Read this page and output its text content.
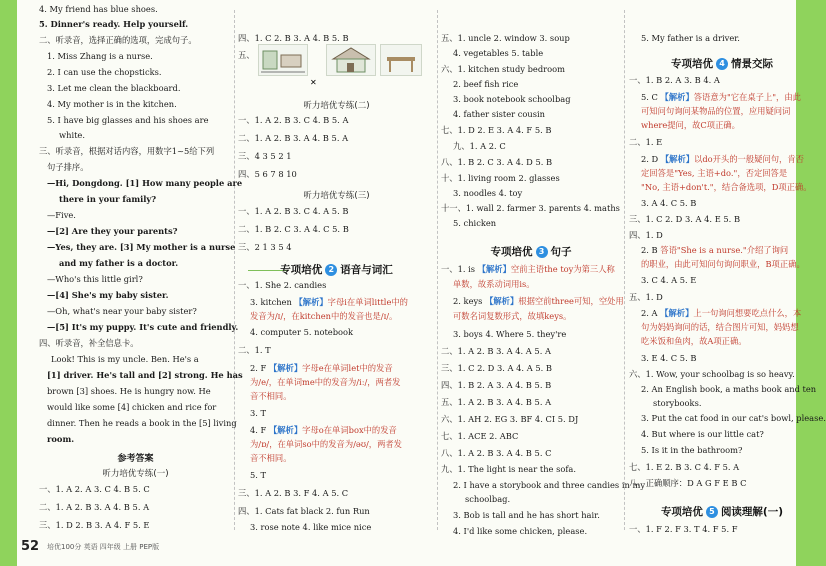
4. My friend has blue shoes.
5. Dinner's ready. Help yourself.
二、听录音，选择正确的选项，完成句子。
1. Miss Zhang is a nurse.
2. I can use the chopsticks.
3. Let me clean the blackboard.
4. My mother is in the kitchen.
5. I have big glasses and his shoes are
white.
三、听录音，根据对话内容，用数字1~5给下列
句子排序。
—Hi, Dongdong. [1] How many people are
there in your family?
—Five.
—[2] Are they your parents?
—Yes, they are. [3] My mother is a nurse
and my father is a doctor.
—Who's this little girl?
—[4] She's my baby sister.
—Oh, what's near your baby sister?
—[5] It's my puppy. It's cute and friendly.
四、听录音，补全信息卡。
Look! This is my uncle. Ben. He's a
[1] driver. He's tall and [2] strong. He has
brown [3] shoes. He is hungry now. He
would like some [4] chicken and rice for
dinner. Then he reads a book in the [5] living
room.
参考答案
听力培优专练(一)
一、1. A 2. A 3. C 4. B 5. C
二、1. A 2. B 3. A 4. B 5. A
三、1. D 2. B 3. A 4. F 5. E
四、1. C 2. B 3. A 4. B 5. B
五、
✕
听力培优专练(二)
一、1. A 2. B 3. C 4. B 5. A
二、1. A 2. B 3. A 4. B 5. A
三、4 3 5 2 1
四、5 6 7 8 10
听力培优专练(三)
一、1. A 2. B 3. C 4. A 5. B
二、1. B 2. C 3. A 4. C 5. B
三、2 1 3 5 4
专项培优 2 语音与词汇
一、1. She 2. candies
3. kitchen 【解析】字母i在单词little中的
发音为/ɪ/，在kitchen中的发音也是/ɪ/。
4. computer 5. notebook
二、1. T
2. F 【解析】字母e在单词let中的发音
为/e/，在单词me中的发音为/iː/，两者发
音不相同。
3. T
4. F 【解析】字母o在单词box中的发音
为/ɒ/，在单词so中的发音为/əʊ/，两者发
音不相同。
5. T
三、1. A 2. B 3. F 4. A 5. C
四、1. Cats fat black 2. fun Run
3. rose note 4. like mice nice
五、1. uncle 2. window 3. soup
4. vegetables 5. table
六、1. kitchen study bedroom
2. beef fish rice
3. book notebook schoolbag
4. father sister cousin
七、1. D 2. E 3. A 4. F 5. B
九、1. A 2. C
八、1. B 2. C 3. A 4. D 5. B
十、1. living room 2. glasses
3. noodles 4. toy
十一、1. wall 2. farmer 3. parents 4. maths
5. chicken
专项培优 3 句子
一、1. is 【解析】空前主语the toy为第三人称
单数，故系动词用is。
2. keys 【解析】根据空前three可知，空处用
可数名词复数形式，故填keys。
3. boys 4. Where 5. they're
二、1. A 2. B 3. A 4. A 5. A
三、1. C 2. D 3. A 4. A 5. B
四、1. B 2. A 3. A 4. B 5. B
五、1. A 2. B 3. A 4. B 5. A
六、1. AH 2. EG 3. BF 4. CI 5. DJ
七、1. ACE 2. ABC
八、1. A 2. B 3. A 4. B 5. C
九、1. The light is near the sofa.
2. I have a storybook and three candies in my
schoolbag.
3. Bob is tall and he has short hair.
4. I'd like some chicken, please.
5. My father is a driver.
专项培优 4 情景交际
一、1. B 2. A 3. B 4. A
5. C 【解析】答语意为"它在桌子上"，由此
可知问句询问某物品的位置，应用疑问词
where提问，故C项正确。
二、1. E
2. D 【解析】以do开头的一般疑问句，肯否
定回答是"Yes, 主语+do."，否定回答是
"No, 主语+don't."，结合备选项，D项正确。
3. A 4. C 5. B
三、1. C 2. D 3. A 4. E 5. B
四、1. D
2. B 答语"She is a nurse."介绍了询问
的职业，由此可知问句询问职业，B项正确。
3. C 4. A 5. E
五、1. D
2. A 【解析】上一句询问想要吃点什么，本
句为妈妈询问的话，结合图片可知，妈妈想
吃米饭和鱼肉，故A项正确。
3. E 4. C 5. B
六、1. Wow, your schoolbag is so heavy.
2. An English book, a maths book and ten
storybooks.
3. Put the cat food in our cat's bowl, please.
4. But where is our little cat?
5. Is it in the bathroom?
七、1. E 2. B 3. C 4. F 5. A
八、正确顺序：D A G F E B C
专项培优 5 阅读理解(一)
一、1. F 2. F 3. T 4. F 5. F
52 培优100分 英语 四年级 上册 PEP版
